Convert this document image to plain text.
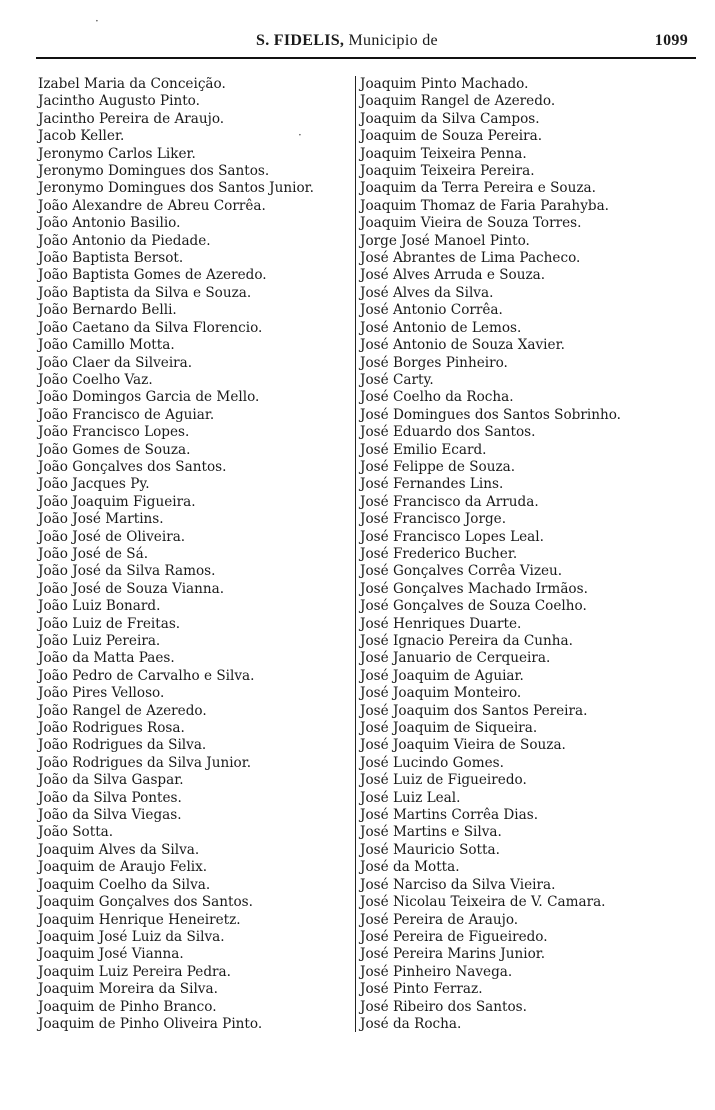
S. FIDELIS, Municipio de	1099
Izabel Maria da Conceição.
Jacintho Augusto Pinto.
Jacintho Pereira de Araujo.
Jacob Keller.
Jeronymo Carlos Liker.
Jeronymo Domingues dos Santos.
Jeronymo Domingues dos Santos Junior.
João Alexandre de Abreu Corrêa.
João Antonio Basilio.
João Antonio da Piedade.
João Baptista Bersot.
João Baptista Gomes de Azeredo.
João Baptista da Silva e Souza.
João Bernardo Belli.
João Caetano da Silva Florencio.
João Camillo Motta.
João Claer da Silveira.
João Coelho Vaz.
João Domingos Garcia de Mello.
João Francisco de Aguiar.
João Francisco Lopes.
João Gomes de Souza.
João Gonçalves dos Santos.
João Jacques Py.
João Joaquim Figueira.
João José Martins.
João José de Oliveira.
João José de Sá.
João José da Silva Ramos.
João José de Souza Vianna.
João Luiz Bonard.
João Luiz de Freitas.
João Luiz Pereira.
João da Matta Paes.
João Pedro de Carvalho e Silva.
João Pires Velloso.
João Rangel de Azeredo.
João Rodrigues Rosa.
João Rodrigues da Silva.
João Rodrigues da Silva Junior.
João da Silva Gaspar.
João da Silva Pontes.
João da Silva Viegas.
João Sotta.
Joaquim Alves da Silva.
Joaquim de Araujo Felix.
Joaquim Coelho da Silva.
Joaquim Gonçalves dos Santos.
Joaquim Henrique Heneiretz.
Joaquim José Luiz da Silva.
Joaquim José Vianna.
Joaquim Luiz Pereira Pedra.
Joaquim Moreira da Silva.
Joaquim de Pinho Branco.
Joaquim de Pinho Oliveira Pinto.
Joaquim Pinto Machado.
Joaquim Rangel de Azeredo.
Joaquim da Silva Campos.
Joaquim de Souza Pereira.
Joaquim Teixeira Penna.
Joaquim Teixeira Pereira.
Joaquim da Terra Pereira e Souza.
Joaquim Thomaz de Faria Parahyba.
Joaquim Vieira de Souza Torres.
Jorge José Manoel Pinto.
José Abrantes de Lima Pacheco.
José Alves Arruda e Souza.
José Alves da Silva.
José Antonio Corrêa.
José Antonio de Lemos.
José Antonio de Souza Xavier.
José Borges Pinheiro.
José Carty.
José Coelho da Rocha.
José Domingues dos Santos Sobrinho.
José Eduardo dos Santos.
José Emilio Ecard.
José Felippe de Souza.
José Fernandes Lins.
José Francisco da Arruda.
José Francisco Jorge.
José Francisco Lopes Leal.
José Frederico Bucher.
José Gonçalves Corrêa Vizeu.
José Gonçalves Machado Irmãos.
José Gonçalves de Souza Coelho.
José Henriques Duarte.
José Ignacio Pereira da Cunha.
José Januario de Cerqueira.
José Joaquim de Aguiar.
José Joaquim Monteiro.
José Joaquim dos Santos Pereira.
José Joaquim de Siqueira.
José Joaquim Vieira de Souza.
José Lucindo Gomes.
José Luiz de Figueiredo.
José Luiz Leal.
José Martins Corrêa Dias.
José Martins e Silva.
José Mauricio Sotta.
José da Motta.
José Narciso da Silva Vieira.
José Nicolau Teixeira de V. Camara.
José Pereira de Araujo.
José Pereira de Figueiredo.
José Pereira Marins Junior.
José Pinheiro Navega.
José Pinto Ferraz.
José Ribeiro dos Santos.
José da Rocha.
·
·
